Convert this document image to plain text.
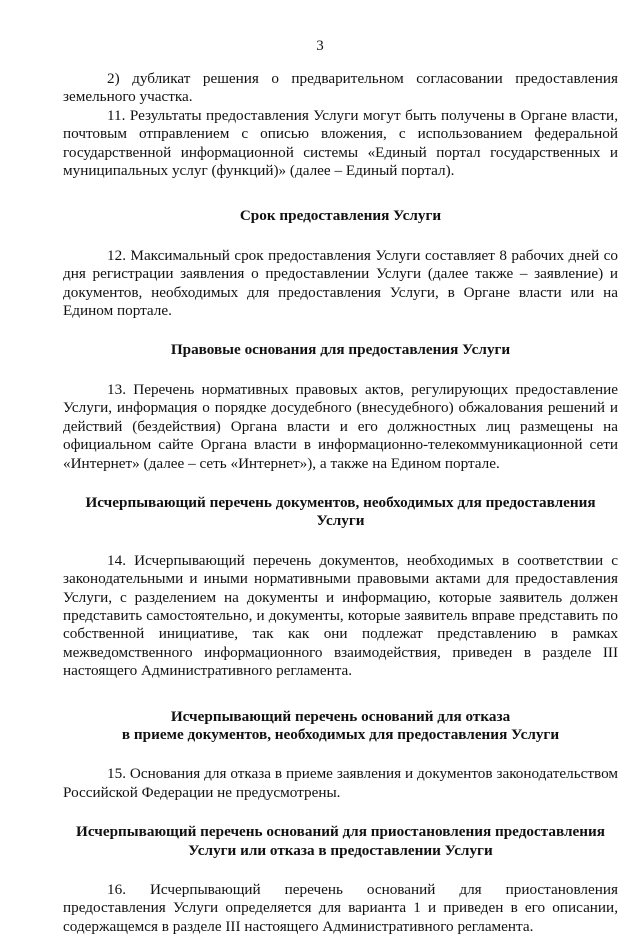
3

2) дубликат решения о предварительном согласовании предоставления земельного участка.

11. Результаты предоставления Услуги могут быть получены в Органе власти, почтовым отправлением с описью вложения, с использованием федеральной государственной информационной системы «Единый портал государственных и муниципальных услуг (функций)» (далее – Единый портал).

Срок предоставления Услуги

12. Максимальный срок предоставления Услуги составляет 8 рабочих дней со дня регистрации заявления о предоставлении Услуги (далее также – заявление) и документов, необходимых для предоставления Услуги, в Органе власти или на Едином портале.

Правовые основания для предоставления Услуги

13. Перечень нормативных правовых актов, регулирующих предоставление Услуги, информация о порядке досудебного (внесудебного) обжалования решений и действий (бездействия) Органа власти и его должностных лиц размещены на официальном сайте Органа власти в информационно-телекоммуникационной сети «Интернет» (далее – сеть «Интернет»), а также на Едином портале.

Исчерпывающий перечень документов, необходимых для предоставления Услуги

14. Исчерпывающий перечень документов, необходимых в соответствии с законодательными и иными нормативными правовыми актами для предоставления Услуги, с разделением на документы и информацию, которые заявитель должен представить самостоятельно, и документы, которые заявитель вправе представить по собственной инициативе, так как они подлежат представлению в рамках межведомственного информационного взаимодействия, приведен в разделе III настоящего Административного регламента.

Исчерпывающий перечень оснований для отказа
в приеме документов, необходимых для предоставления Услуги

15. Основания для отказа в приеме заявления и документов законодательством Российской Федерации не предусмотрены.

Исчерпывающий перечень оснований для приостановления предоставления Услуги или отказа в предоставлении Услуги

16. Исчерпывающий перечень оснований для приостановления предоставления Услуги определяется для варианта 1 и приведен в его описании, содержащемся в разделе III настоящего Административного регламента.
